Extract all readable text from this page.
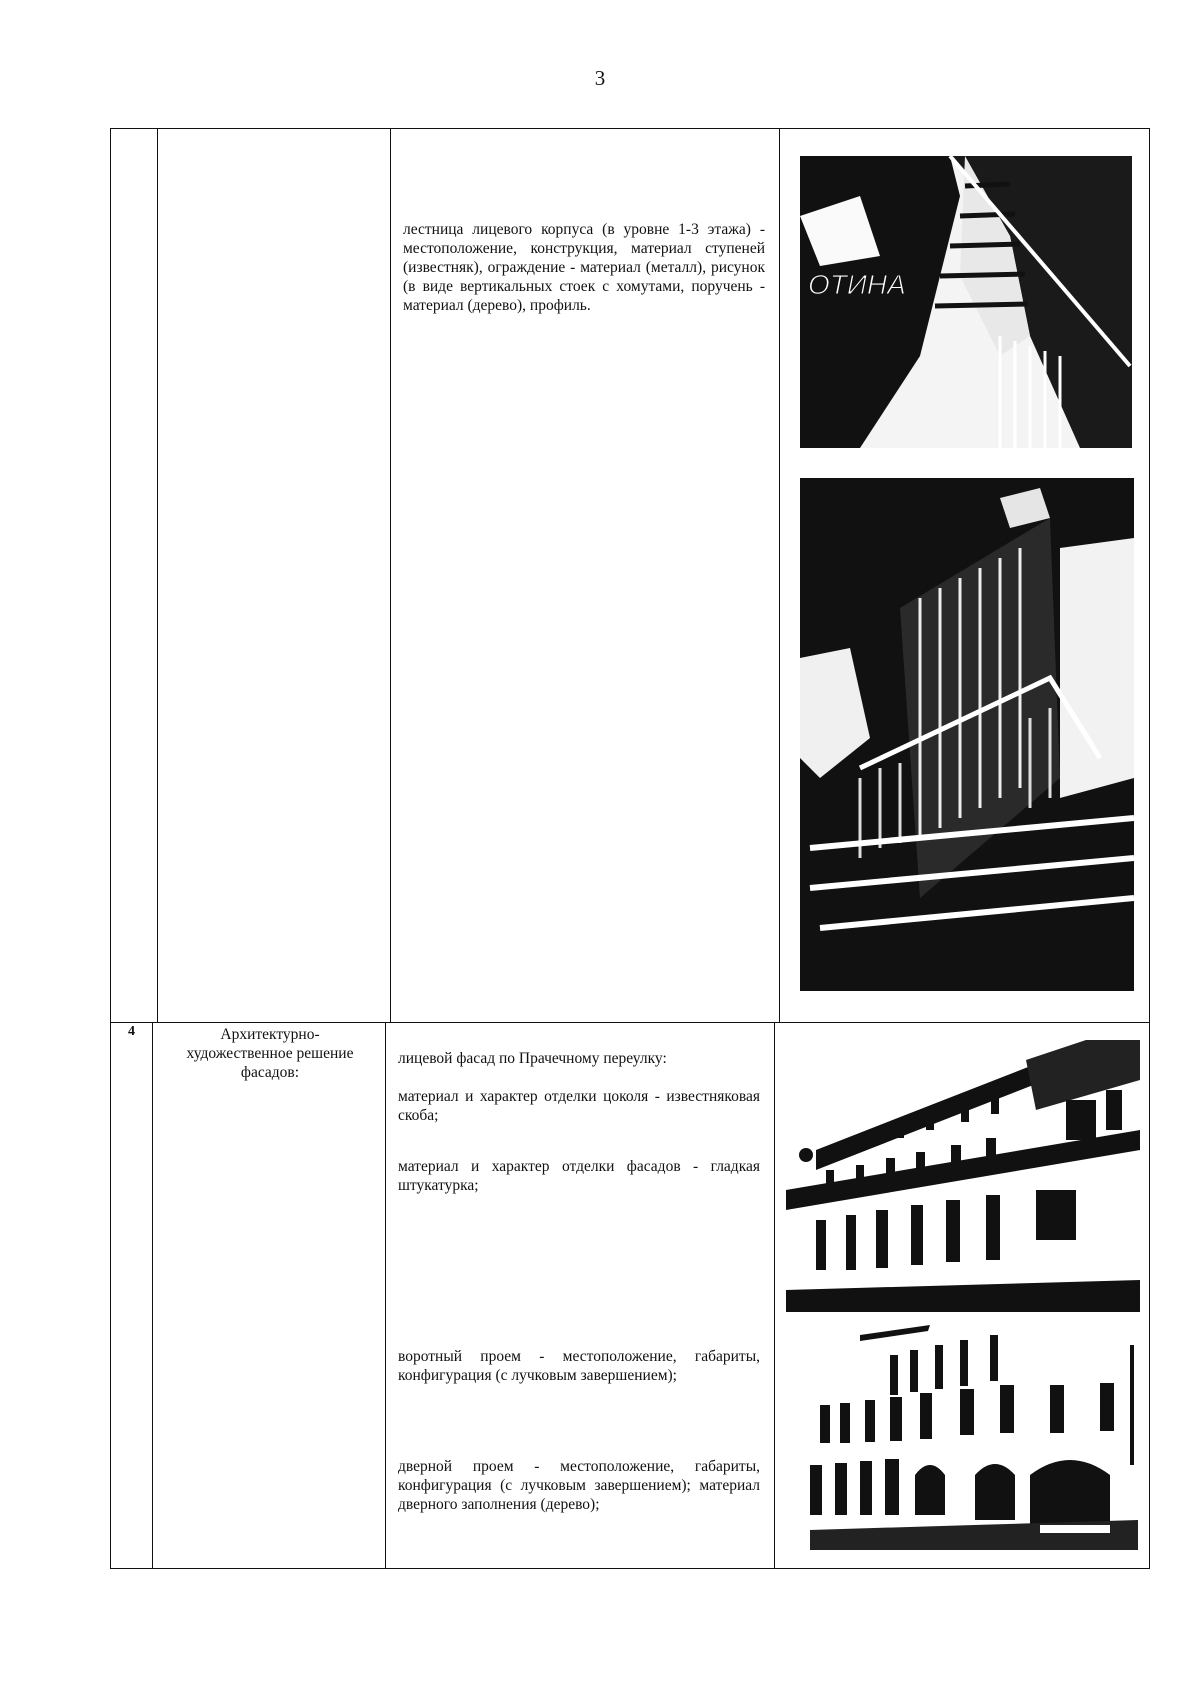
3
лестница лицевого корпуса (в уровне 1-3 этажа) - местоположение, конструкция, материал ступеней (известняк), ограждение - материал (металл), рисунок (в виде вертикальных стоек с хомутами, поручень - материал (дерево), профиль.
ОТИНА
4	Архитектурно-художественное решение фасадов:
лицевой фасад по Прачечному переулку:
материал и характер отделки цоколя - известняковая скоба;
материал и характер отделки фасадов - гладкая штукатурка;
воротный проем - местоположение, габариты, конфигурация (с лучковым завершением);
дверной проем - местоположение, габариты, конфигурация (с лучковым завершением); материал дверного заполнения (дерево);
